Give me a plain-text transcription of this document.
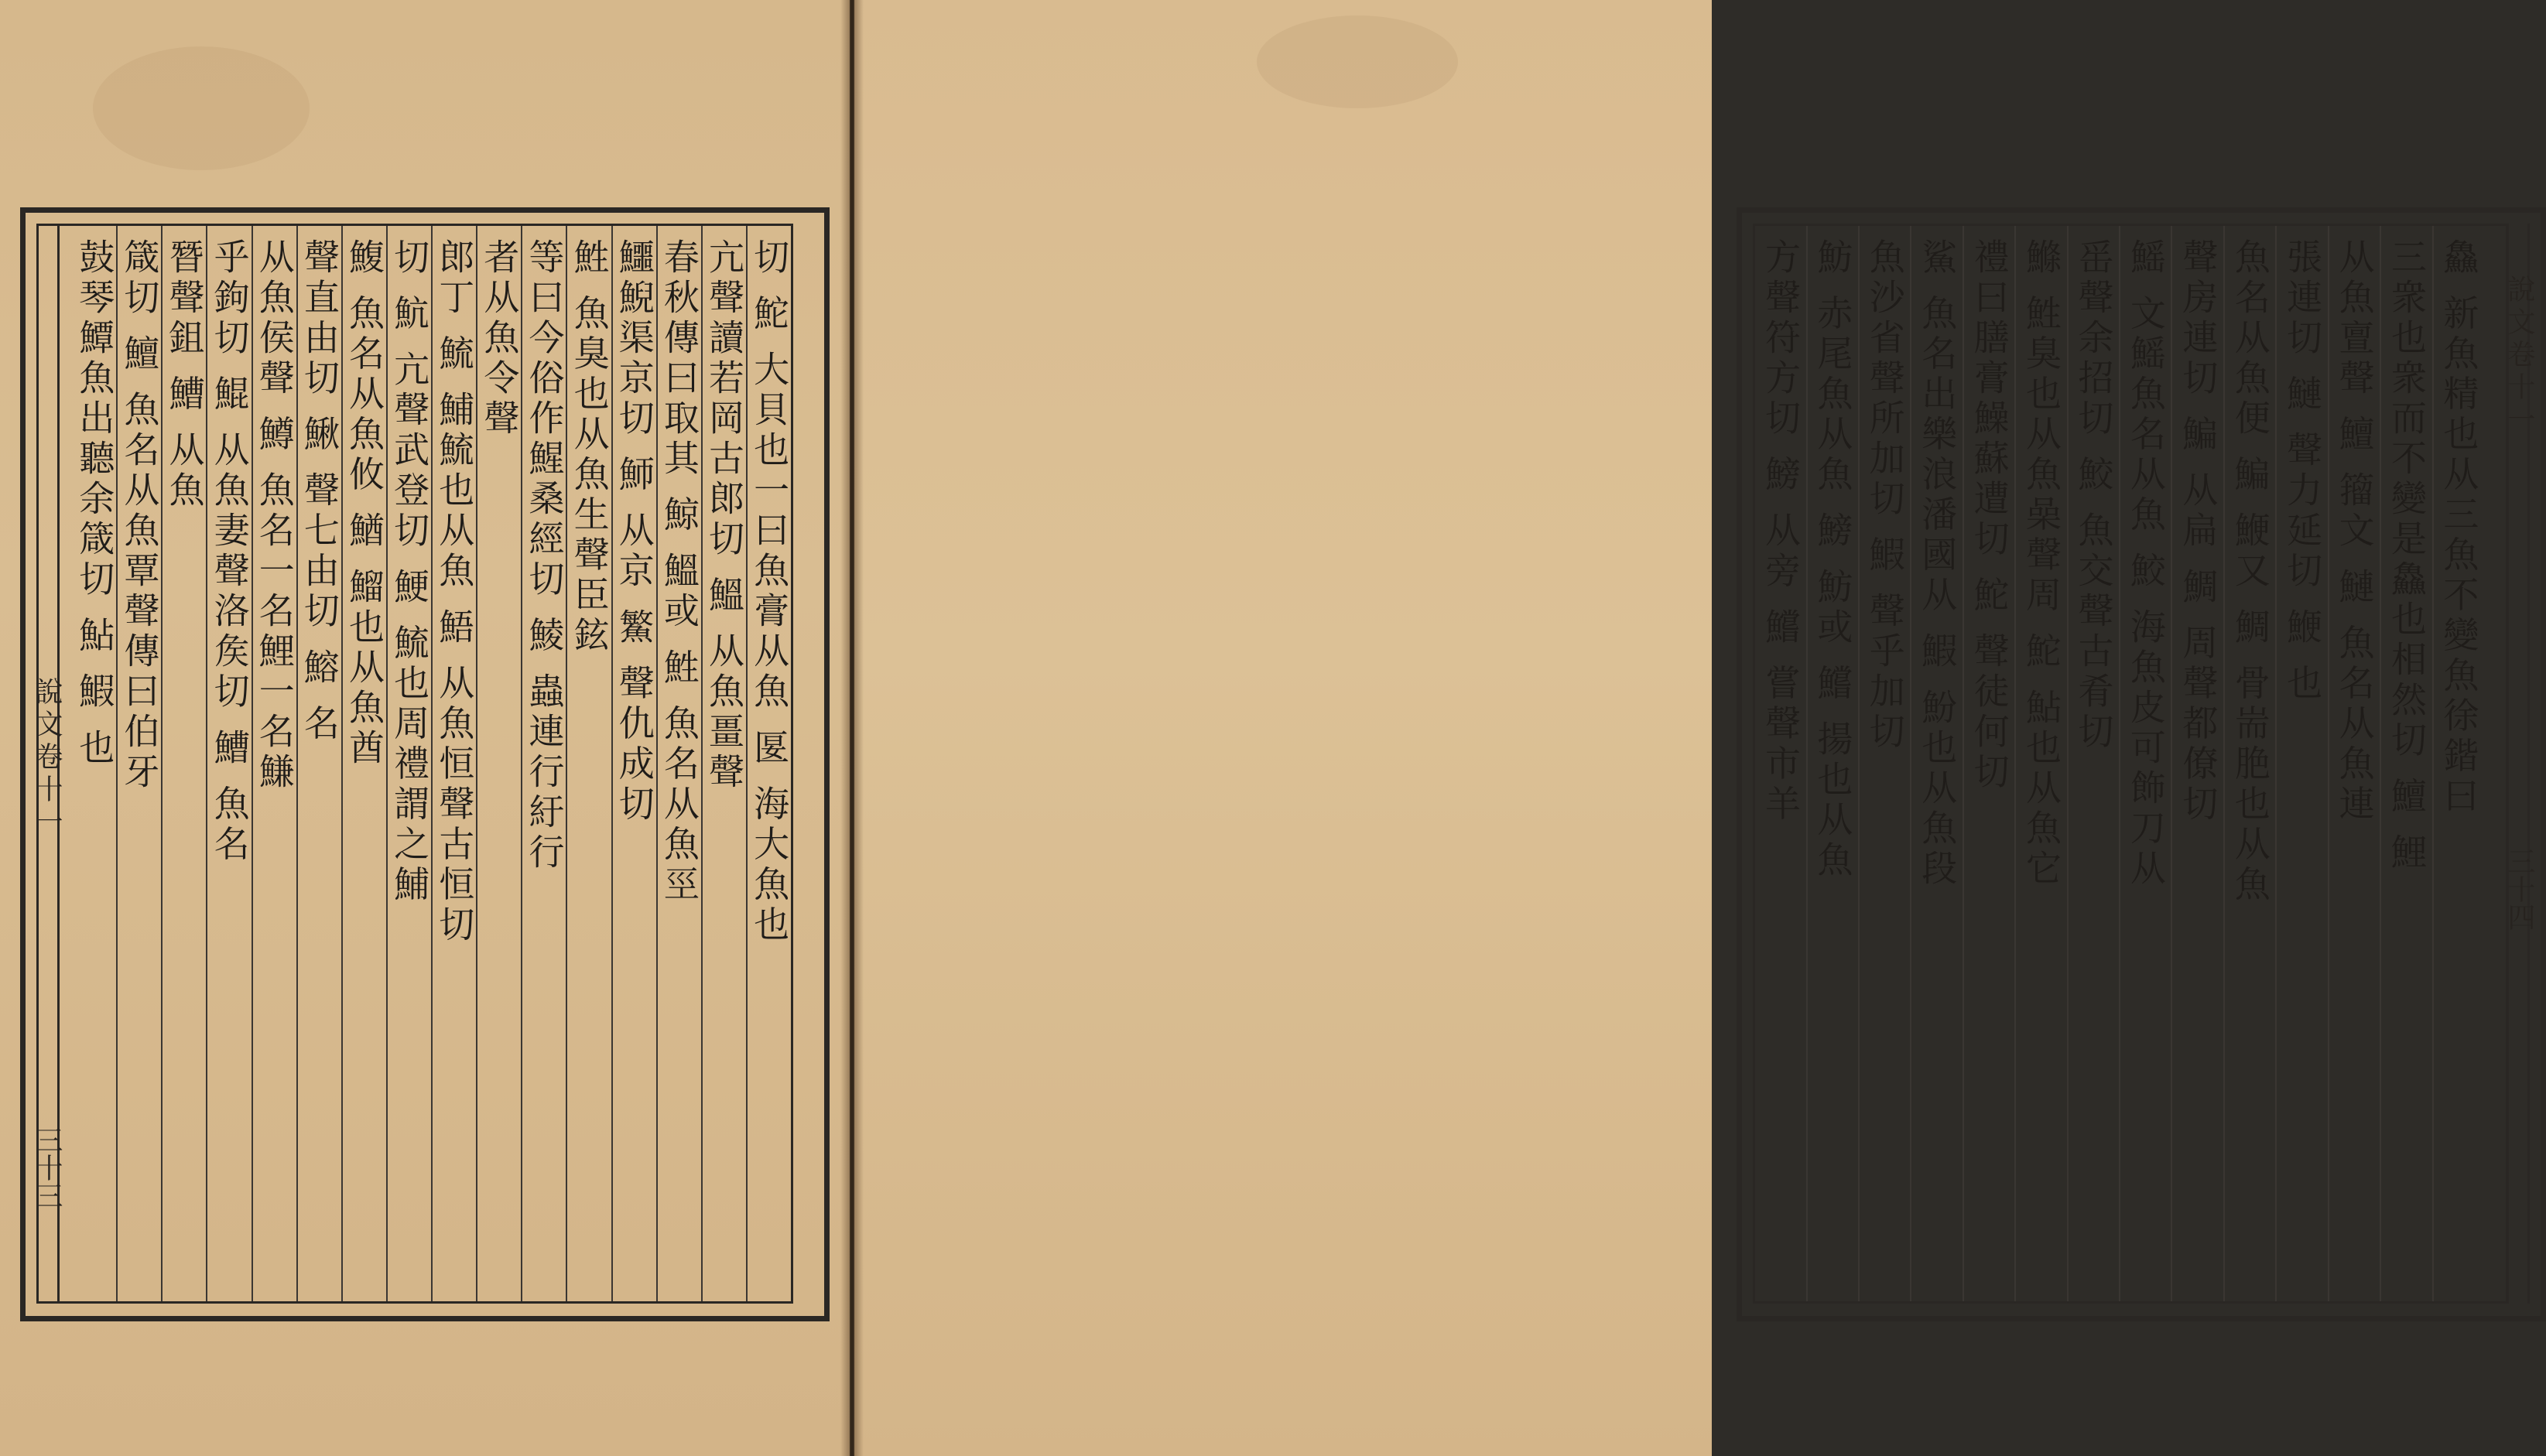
說文卷十一
三十三
切 鮀 大貝也一曰魚膏从魚 匽 海大魚也
亢聲讀若岡古郎切 鰮 从魚畺聲
春秋傳曰取其 鯨 鰮或 鮏 魚名从魚巠
鱷鯢渠京切 魳 从京 鰵 聲仇成切
鮏 魚臭也从魚生聲臣鉉
等曰今俗作鯹桑經切 鯪 蟲連行紆行
者从魚令聲
郎丁 鯍 鯆鯍也从魚 鯃 从魚恒聲古恒切
切 魧 亢聲武登切 鯁 鯍也周禮謂之鯆
鰒 魚名从魚攸 鰌 鰡也从魚酋
聲直由切 鰍 聲七由切 鰫 名
从魚侯聲 鱒 魚名一名鯉一名鰜
乎鉤切 鯤 从魚妻聲洛矦切 鰽 魚名
朁聲鉏 鰽 从魚
箴切 鱣 魚名从魚覃聲傳曰伯牙
鼓琴鱏魚出聽余箴切 鮎 鰕 也	說文卷十一
三十四
鱻 新魚精也从三魚不變魚徐鍇曰
三衆也衆而不變是鱻也相然切 鱣 鯉
从魚亶聲 鱣 籀文 鰱 魚名从魚連
張連切 鰱 聲力延切 鯾 也
魚名从魚便 鯿 鯾又 鯛 骨耑脃也从魚
聲房連切 鯿 从扁 鯛 周聲都僚切
鰩 文鰩魚名从魚 鮫 海魚皮可飾刀从
䍃聲余招切 鮫 魚交聲古肴切
鰷 鮏臭也从魚喿聲周 鮀 鮎也从魚它
禮曰膳膏鱢蘇遭切 鮀 聲徒何切
鯊 魚名出樂浪潘國从 鰕 魵也从魚段
魚沙省聲所加切 鰕 聲乎加切
魴 赤尾魚从魚 鰟 魴或 鱨 揚也从魚
方聲符方切 鰟 从旁 鱨 嘗聲市羊
